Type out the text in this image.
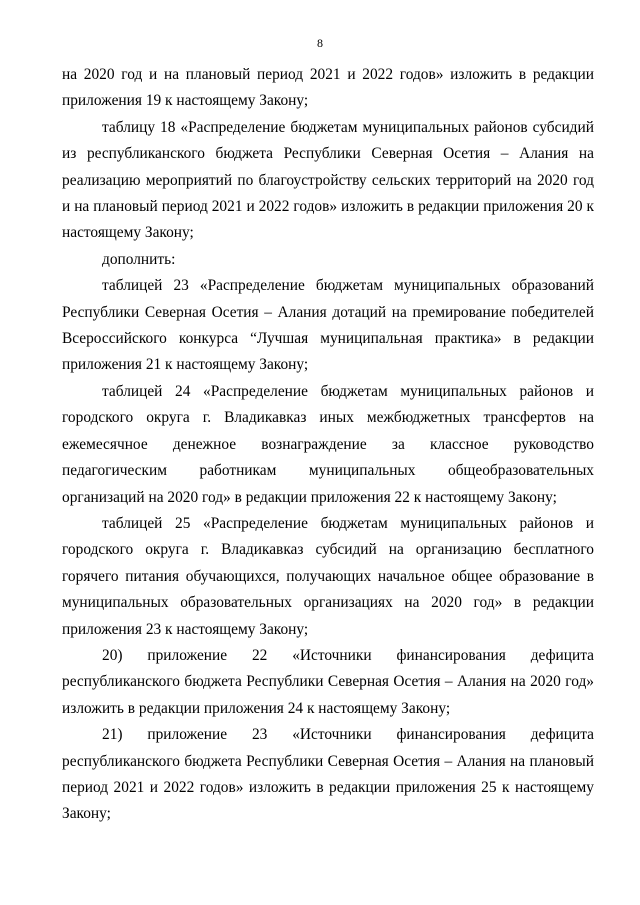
8

на 2020 год и на плановый период 2021 и 2022 годов» изложить в редакции приложения 19 к настоящему Закону;

таблицу 18 «Распределение бюджетам муниципальных районов субсидий из республиканского бюджета Республики Северная Осетия – Алания на реализацию мероприятий по благоустройству сельских территорий на 2020 год и на плановый период 2021 и 2022 годов» изложить в редакции приложения 20 к настоящему Закону;

дополнить:

таблицей 23 «Распределение бюджетам муниципальных образований Республики Северная Осетия – Алания дотаций на премирование победителей Всероссийского конкурса “Лучшая муниципальная практика» в редакции приложения 21 к настоящему Закону;

таблицей 24 «Распределение бюджетам муниципальных районов и городского округа г. Владикавказ иных межбюджетных трансфертов на ежемесячное денежное вознаграждение за классное руководство педагогическим работникам муниципальных общеобразовательных организаций на 2020 год» в редакции приложения 22 к настоящему Закону;

таблицей 25 «Распределение бюджетам муниципальных районов и городского округа г. Владикавказ субсидий на организацию бесплатного горячего питания обучающихся, получающих начальное общее образование в муниципальных образовательных организациях на 2020 год» в редакции приложения 23 к настоящему Закону;

20) приложение 22 «Источники финансирования дефицита республиканского бюджета Республики Северная Осетия – Алания на 2020 год» изложить в редакции приложения 24 к настоящему Закону;

21) приложение 23 «Источники финансирования дефицита республиканского бюджета Республики Северная Осетия – Алания на плановый период 2021 и 2022 годов» изложить в редакции приложения 25 к настоящему Закону;
